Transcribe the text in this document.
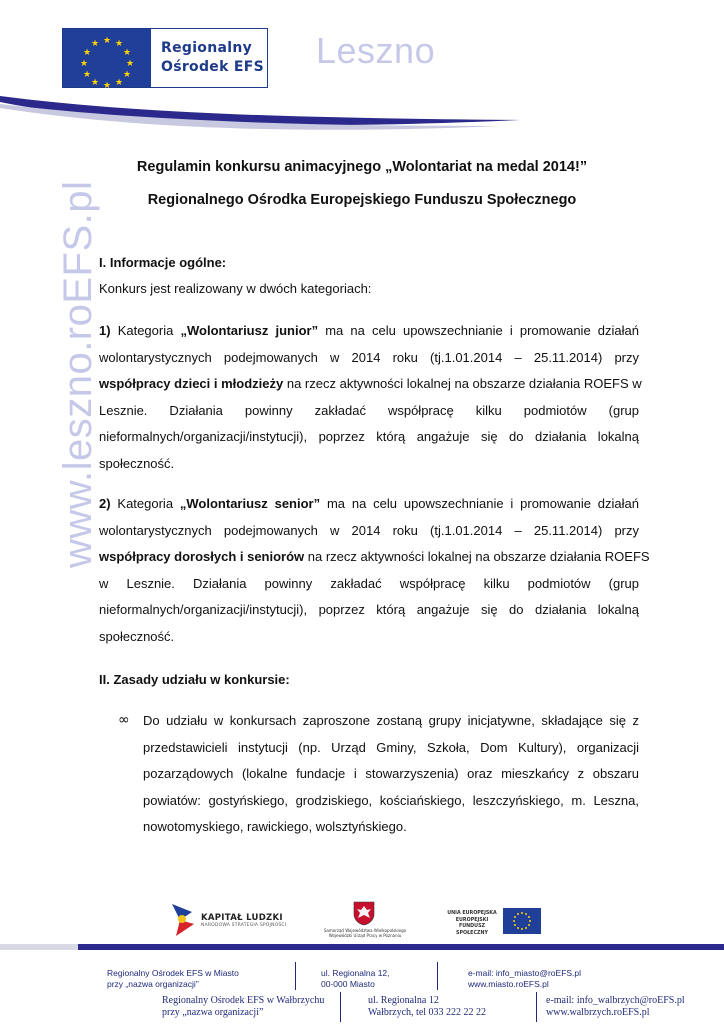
★ ★
★
★
★
★
★
★
★
★
★
★	Regionalny
Ośrodek EFS Leszno
www.leszno.roEFS.pl
Regulamin konkursu animacyjnego „Wolontariat na medal 2014!”
Regionalnego Ośrodka Europejskiego Funduszu Społecznego
I. Informacje ogólne:
Konkurs jest realizowany w dwóch kategoriach:
1) Kategoria „Wolontariusz junior” ma na celu upowszechnianie i promowanie działań
wolontarystycznych podejmowanych w 2014 roku (tj.1.01.2014 – 25.11.2014) przy
współpracy dzieci i młodzieży na rzecz aktywności lokalnej na obszarze działania ROEFS w
Lesznie. Działania powinny zakładać współpracę kilku podmiotów (grup
nieformalnych/organizacji/instytucji), poprzez którą angażuje się do działania lokalną
społeczność.
2) Kategoria „Wolontariusz senior” ma na celu upowszechnianie i promowanie działań
wolontarystycznych podejmowanych w 2014 roku (tj.1.01.2014 – 25.11.2014) przy
współpracy dorosłych i seniorów na rzecz aktywności lokalnej na obszarze działania ROEFS
w Lesznie. Działania powinny zakładać współpracę kilku podmiotów (grup
nieformalnych/organizacji/instytucji), poprzez którą angażuje się do działania lokalną
społeczność.
II. Zasady udziału w konkursie:
∞ Do udziału w konkursach zaproszone zostaną grupy inicjatywne, składające się z
przedstawicieli instytucji (np. Urząd Gminy, Szkoła, Dom Kultury), organizacji
pozarządowych (lokalne fundacje i stowarzyszenia) oraz mieszkańcy z obszaru
powiatów: gostyńskiego, grodziskiego, kościańskiego, leszczyńskiego, m. Leszna,
nowotomyskiego, rawickiego, wolsztyńskiego.
KAPITAŁ LUDZKI
NARODOWA STRATEGIA SPÓJNOŚCI
Samorząd Województwa Wielkopolskiego
Wojewódzki Urząd Pracy w Poznaniu
UNIA EUROPEJSKA
EUROPEJSKI
FUNDUSZ SPOŁECZNY
Regionalny Ośrodek EFS w Miasto
przy „nazwa organizacji”
ul. Regionalna 12,
00-000 Miasto
e-mail: info_miasto@roEFS.pl
www.miasto.roEFS.pl
Regionalny Ośrodek EFS w Wałbrzychu
przy „nazwa organizacji”
ul. Regionalna 12
Wałbrzych, tel 033 222 22 22
e-mail: info_walbrzych@roEFS.pl
www.walbrzych.roEFS.pl
